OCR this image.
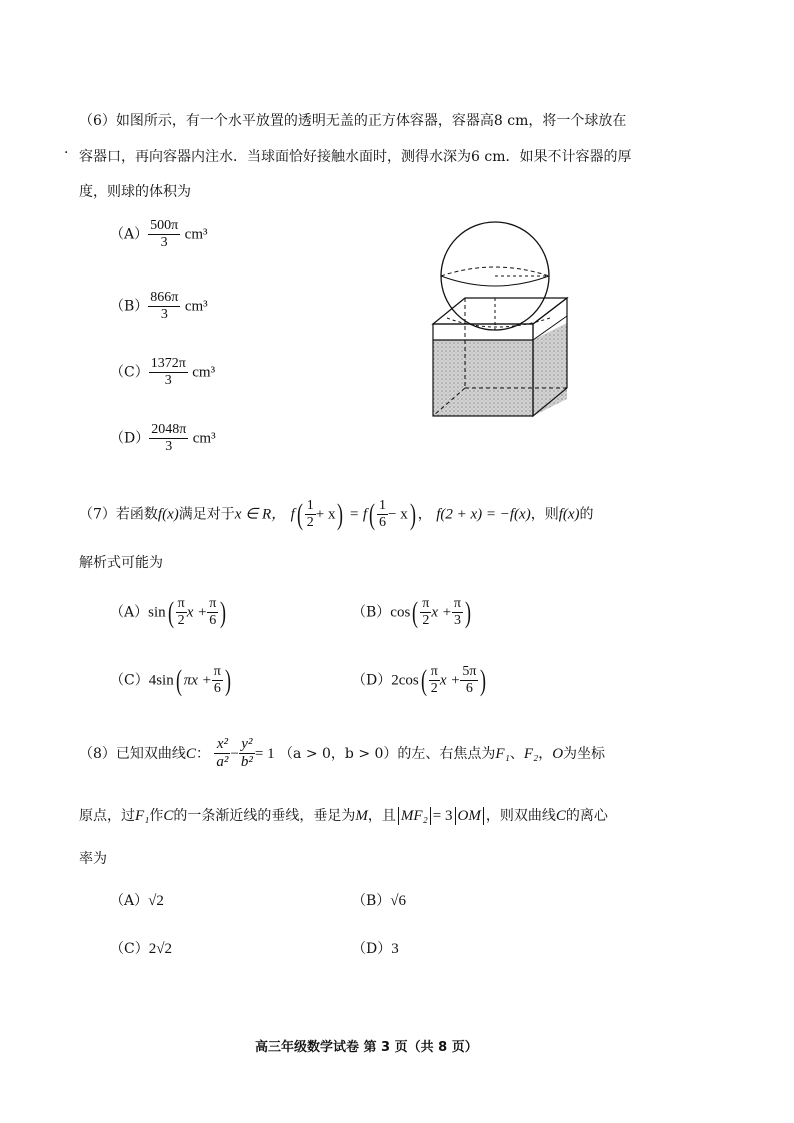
（6）如图所示，有一个水平放置的透明无盖的正方体容器，容器高8 cm，将一个球放在
· 容器口，再向容器内注水．当球面恰好接触水面时，测得水深为6 cm．如果不计容器的厚
度，则球的体积为
$(A) \frac{500\pi}{3} cm^3$
$(B) \frac{866\pi}{3} cm^3$
$(C) \frac{1372\pi}{3} cm^3$
$(D) \frac{2048\pi}{3} cm^3$
（7）若函数f(x)满足对于x ∈ R， $f( \frac{1}{2} + x) = f( \frac{1}{6} - x)$ ， f(2 + x) = −f(x)，则f(x)的
解析式可能为
$(A)\sin( \frac{\pi}{2}$ $x + \frac{\pi}{6}$ )	$(B)\cos( \frac{\pi}{2}$ $x + \frac{\pi}{3}$ )
（C）4sin( $\pi x + \frac{\pi}{6}$ )	$(D)2\cos( \frac{\pi}{2}$ $x + \frac{5\pi}{6}$ )
（8）已知双曲线C： $\frac{\text{x²}}{\text{a²}} - \frac{\text{y²}}{\text{b²}} = 1$ （a > 0，b > 0）的左、右焦点为F₁、F₂，O为坐标
原点，过F₁作C的一条渐近线的垂线，垂足为M，且 MF₂ = 3 OM ，则双曲线C的离心
率为
（A）√2	（B）√6
（C）2√2	（D）3
高三年级数学试卷 第 3 页（共 8 页）
